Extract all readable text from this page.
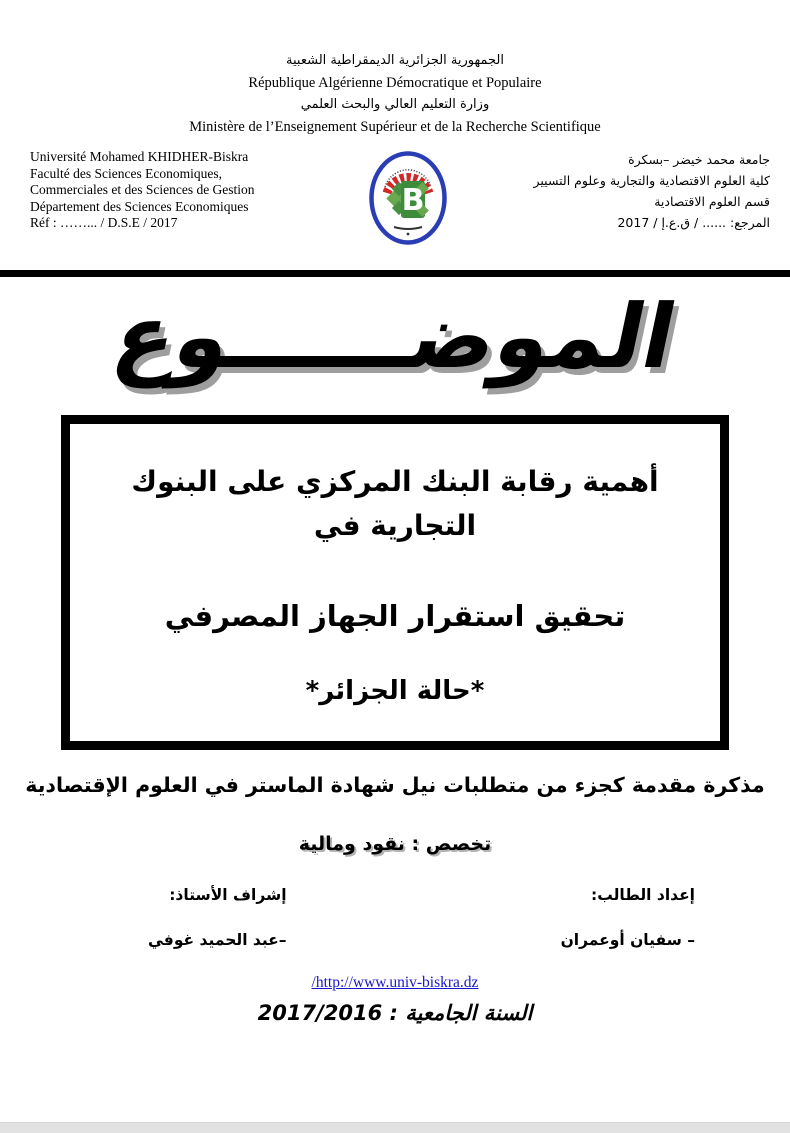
الجمهورية الجزائرية الديمقراطية الشعبية
République Algérienne Démocratique et Populaire
وزارة التعليم العالي والبحث العلمي
Ministère de l’Enseignement Supérieur et de la Recherche Scientifique
Université Mohamed KHIDHER-Biskra
Faculté des Sciences Economiques,
Commerciales et des Sciences de Gestion
Département des Sciences Economiques
Réf : ……... / D.S.E / 2017
B
جامعة محمد خيضر –بسكرة
كلية العلوم الاقتصادية والتجارية وعلوم التسيير
قسم العلوم الاقتصادية
المرجع: ...... / ق.ع.إ / 2017
الموضــــــوع
أهمية رقابة البنك المركزي على البنوك التجارية في
تحقيق استقرار الجهاز المصرفي
*حالة الجزائر*
مذكرة مقدمة كجزء من متطلبات نيل شهادة الماستر في العلوم الإقتصادية
تخصص : نقود ومالية
إعداد الطالب:
– سفيان أوعمران
إشراف الأستاذ:
–عبد الحميد غوفي
/http://www.univ-biskra.dz
السنة الجامعية : 2017/2016
